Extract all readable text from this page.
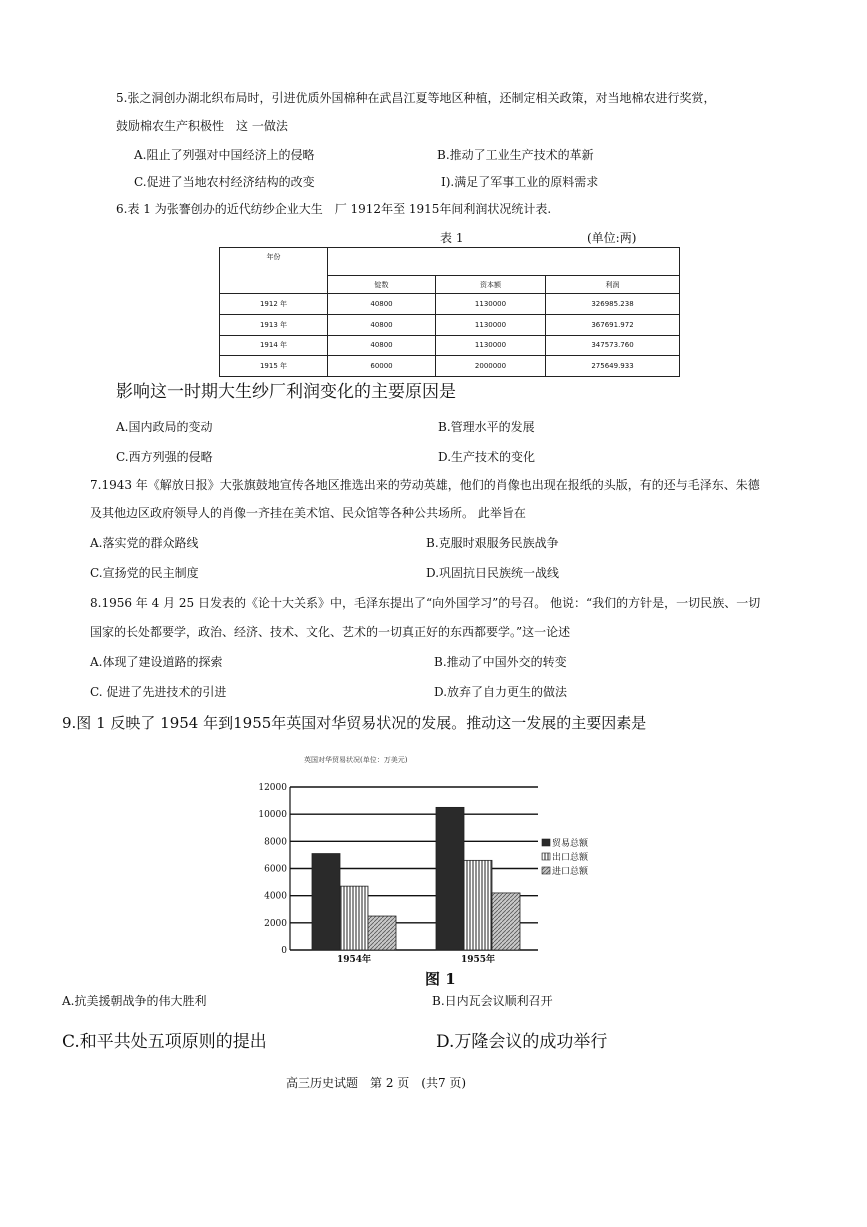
5.张之洞创办湖北织布局时，引进优质外国棉种在武昌江夏等地区种植，还制定相关政策，对当地棉农进行奖赏，
鼓励棉农生产积极性　这 一做法
A.阻止了列强对中国经济上的侵略	B.推动了工业生产技术的革新
C.促进了当地农村经济结构的改变	I).满足了军事工业的原料需求
6.表 1 为张謇创办的近代纺纱企业大生　厂 1912年至 1915年间利润状况统计表.
表 1	(单位:两)
年份			
	锭数	资本额	利润
1912 年	40800	1130000	326985.238
1913 年	40800	1130000	367691.972
1914 年	40800	1130000	347573.760
1915 年	60000	2000000	275649.933
影响这一时期大生纱厂利润变化的主要原因是
A.国内政局的变动	B.管理水平的发展
C.西方列强的侵略	D.生产技术的变化
7.1943 年《解放日报》大张旗鼓地宣传各地区推选出来的劳动英雄，他们的肖像也出现在报纸的头版，有的还与毛泽东、朱德
及其他边区政府领导人的肖像一齐挂在美术馆、民众馆等各种公共场所。 此举旨在
A.落实党的群众路线	B.克服时艰服务民族战争
C.宣扬党的民主制度	D.巩固抗日民族统一战线
8.1956 年 4 月 25 日发表的《论十大关系》中，毛泽东提出了“向外国学习”的号召。 他说：“我们的方针是，一切民族、一切
国家的长处都要学，政治、经济、技术、文化、艺术的一切真正好的东西都要学。”这一论述
A.体现了建设道路的探索	B.推动了中国外交的转变
C. 促进了先进技术的引进	D.放弃了自力更生的做法
9.图 1 反映了 1954 年到1955年英国对华贸易状况的发展。推动这一发展的主要因素是
英国对华贸易状况(单位：万美元)
0
2000
4000
6000
8000
10000
12000
1954年	1955年
贸易总额
出口总额
进口总额
图 1
A.抗美援朝战争的伟大胜利	B.日内瓦会议顺利召开
C.和平共处五项原则的提出	D.万隆会议的成功举行
高三历史试题　第 2 页　(共7 页)
